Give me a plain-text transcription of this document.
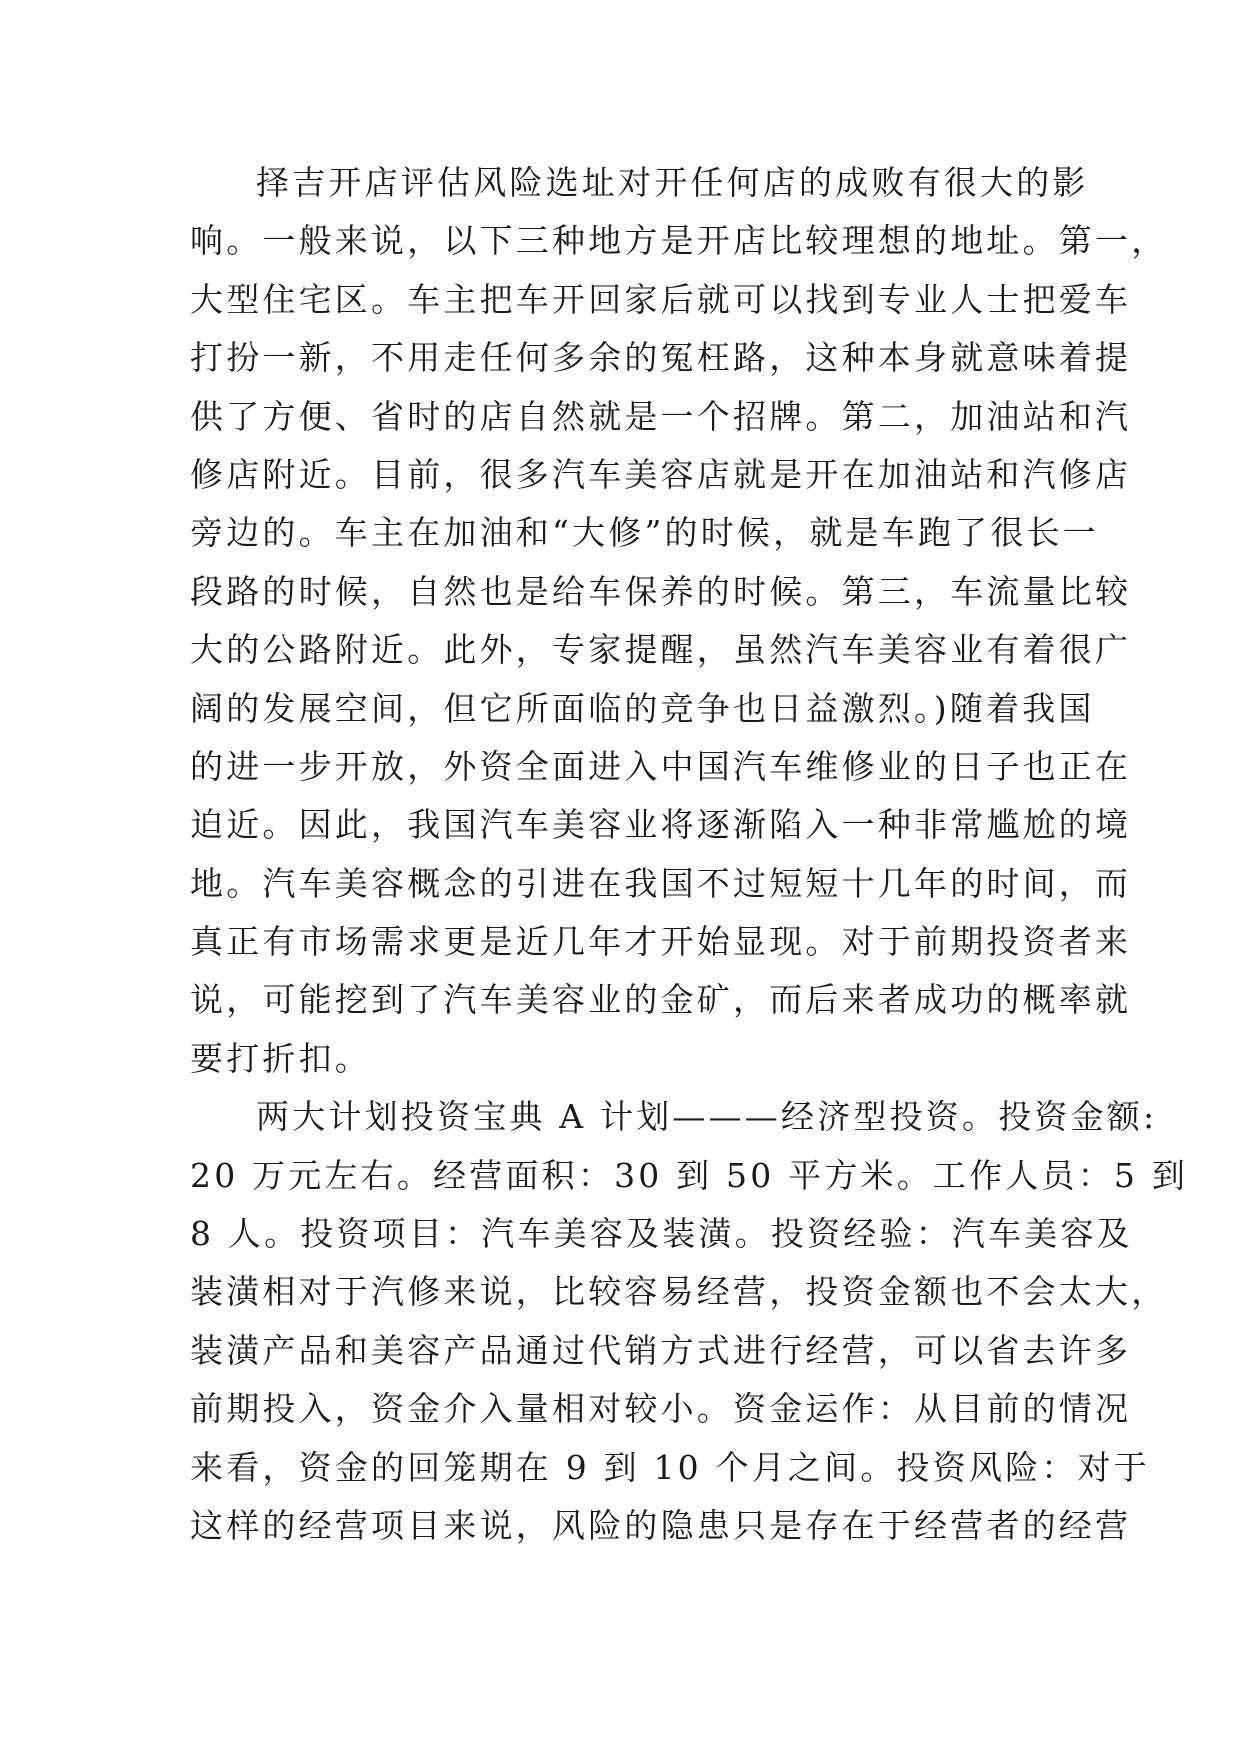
择吉开店评估风险选址对开任何店的成败有很大的影
响。一般来说，以下三种地方是开店比较理想的地址。第一，
大型住宅区。车主把车开回家后就可以找到专业人士把爱车
打扮一新，不用走任何多余的冤枉路，这种本身就意味着提
供了方便、省时的店自然就是一个招牌。第二，加油站和汽
修店附近。目前，很多汽车美容店就是开在加油站和汽修店
旁边的。车主在加油和“大修”的时候，就是车跑了很长一
段路的时候，自然也是给车保养的时候。第三，车流量比较
大的公路附近。此外，专家提醒，虽然汽车美容业有着很广
阔的发展空间，但它所面临的竞争也日益激烈。)随着我国
的进一步开放，外资全面进入中国汽车维修业的日子也正在
迫近。因此，我国汽车美容业将逐渐陷入一种非常尴尬的境
地。汽车美容概念的引进在我国不过短短十几年的时间，而
真正有市场需求更是近几年才开始显现。对于前期投资者来
说，可能挖到了汽车美容业的金矿，而后来者成功的概率就
要打折扣。
两大计划投资宝典 A 计划———经济型投资。投资金额:
20 万元左右。经营面积：30 到 50 平方米。工作人员：5 到
8 人。投资项目：汽车美容及装潢。投资经验：汽车美容及
装潢相对于汽修来说，比较容易经营，投资金额也不会太大，
装潢产品和美容产品通过代销方式进行经营，可以省去许多
前期投入，资金介入量相对较小。资金运作：从目前的情况
来看，资金的回笼期在 9 到 10 个月之间。投资风险：对于
这样的经营项目来说，风险的隐患只是存在于经营者的经营
